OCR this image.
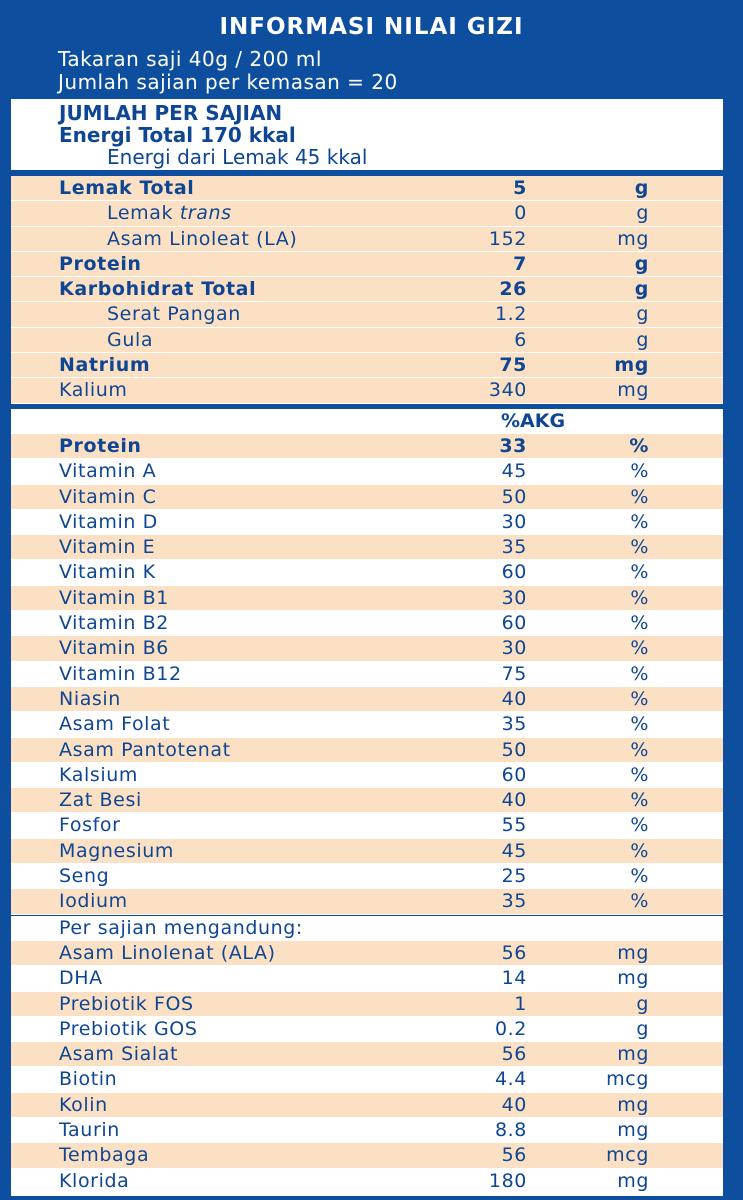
INFORMASI NILAI GIZI
Takaran saji 40g / 200 ml
Jumlah sajian per kemasan = 20
JUMLAH PER SAJIAN
Energi Total 170 kkal
Energi dari Lemak 45 kkal
Lemak Total	5	g
Lemak trans	0	g
Asam Linoleat (LA)	152	mg
Protein	7	g
Karbohidrat Total	26	g
Serat Pangan	1.2	g
Gula	6	g
Natrium	75	mg
Kalium	340	mg
%AKG
Protein	33	%
Vitamin A	45	%
Vitamin C	50	%
Vitamin D	30	%
Vitamin E	35	%
Vitamin K	60	%
Vitamin B1	30	%
Vitamin B2	60	%
Vitamin B6	30	%
Vitamin B12	75	%
Niasin	40	%
Asam Folat	35	%
Asam Pantotenat	50	%
Kalsium	60	%
Zat Besi	40	%
Fosfor	55	%
Magnesium	45	%
Seng	25	%
Iodium	35	%
Per sajian mengandung:
Asam Linolenat (ALA)	56	mg
DHA	14	mg
Prebiotik FOS	1	g
Prebiotik GOS	0.2	g
Asam Sialat	56	mg
Biotin	4.4	mcg
Kolin	40	mg
Taurin	8.8	mg
Tembaga	56	mcg
Klorida	180	mg
